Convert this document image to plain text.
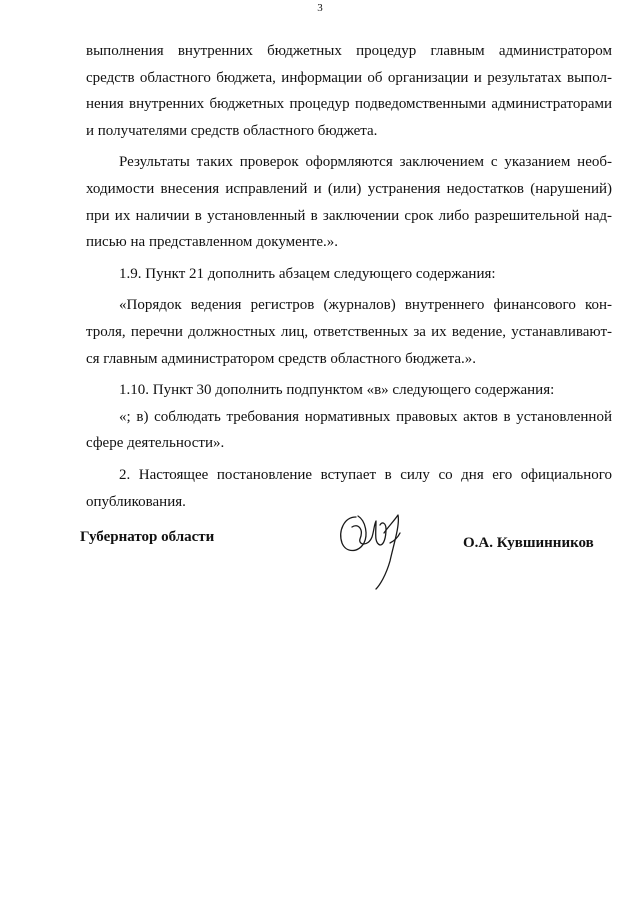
3
выполнения внутренних бюджетных процедур главным администратором
средств областного бюджета, информации об организации и результатах выпол-
нения внутренних бюджетных процедур подведомственными администраторами
и получателями средств областного бюджета.
Результаты таких проверок оформляются заключением с указанием необ-
ходимости внесения исправлений и (или) устранения недостатков (нарушений)
при их наличии в установленный в заключении срок либо разрешительной над-
писью на представленном документе.».
1.9. Пункт 21 дополнить абзацем следующего содержания:
«Порядок ведения регистров (журналов) внутреннего финансового кон-
троля, перечни должностных лиц, ответственных за их ведение, устанавливают-
ся главным администратором средств областного бюджета.».
1.10. Пункт 30 дополнить подпунктом «в» следующего содержания:
«; в) соблюдать требования нормативных правовых актов в установленной
сфере деятельности».
2. Настоящее постановление вступает в силу со дня его официального
опубликования.
Губернатор области	О.А. Кувшинников
